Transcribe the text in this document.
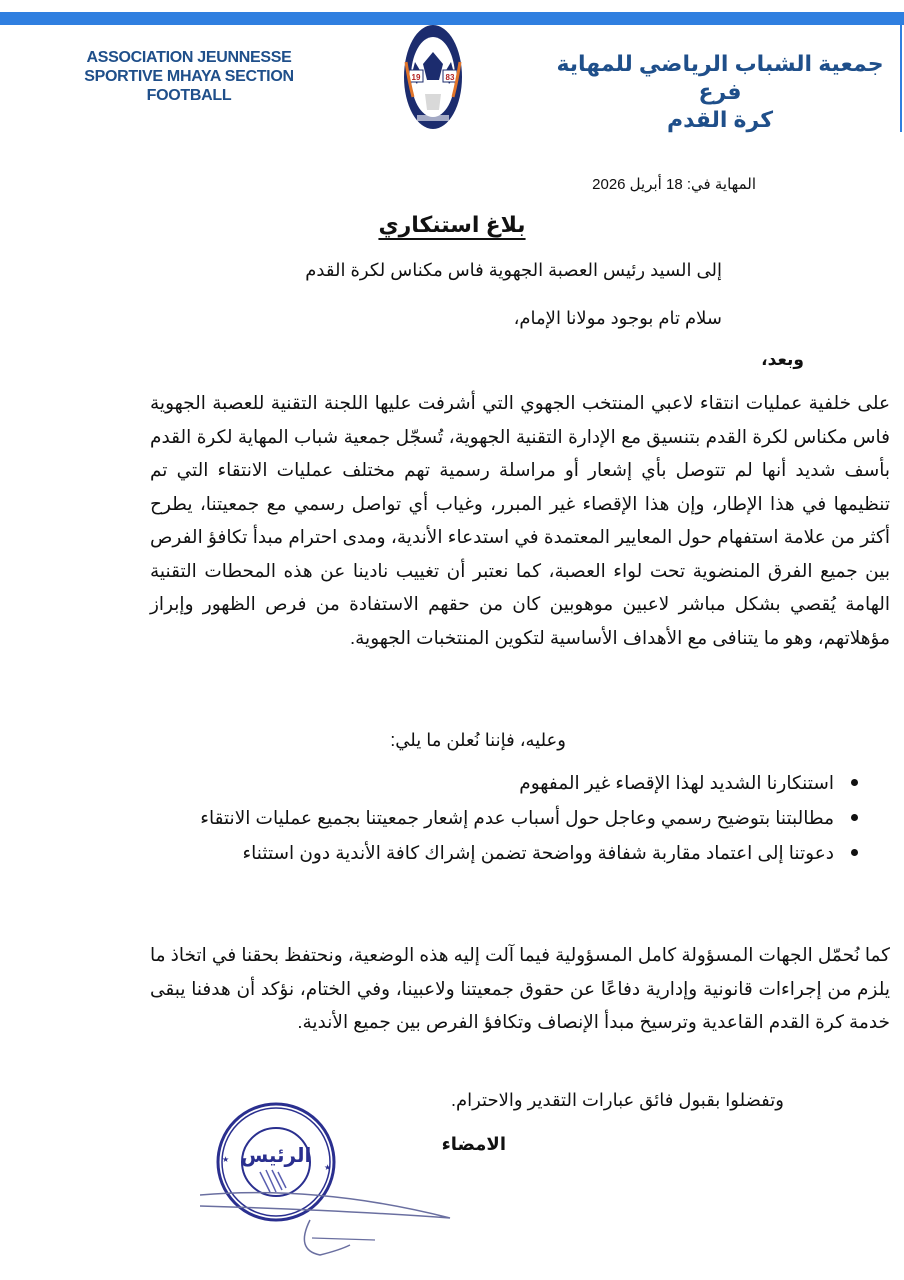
ASSOCIATION JEUNNESSE
SPORTIVE MHAYA SECTION
FOOTBALL
19	83
جمعية الشباب الرياضي للمهاية فرع
كرة القدم
المهاية في: 18 أبريل 2026
بلاغ استنكاري
إلى السيد رئيس العصبة الجهوية فاس مكناس لكرة القدم
سلام تام بوجود مولانا الإمام،
وبعد،

على خلفية عمليات انتقاء لاعبي المنتخب الجهوي التي أشرفت عليها اللجنة التقنية للعصبة الجهوية فاس مكناس لكرة القدم بتنسيق مع الإدارة التقنية الجهوية، تُسجّل جمعية شباب المهاية لكرة القدم بأسف شديد أنها لم تتوصل بأي إشعار أو مراسلة رسمية تهم مختلف عمليات الانتقاء التي تم تنظيمها في هذا الإطار، وإن هذا الإقصاء غير المبرر، وغياب أي تواصل رسمي مع جمعيتنا، يطرح أكثر من علامة استفهام حول المعايير المعتمدة في استدعاء الأندية، ومدى احترام مبدأ تكافؤ الفرص بين جميع الفرق المنضوية تحت لواء العصبة، كما نعتبر أن تغييب نادينا عن هذه المحطات التقنية الهامة يُقصي بشكل مباشر لاعبين موهوبين كان من حقهم الاستفادة من فرص الظهور وإبراز مؤهلاتهم، وهو ما يتنافى مع الأهداف الأساسية لتكوين المنتخبات الجهوية.

وعليه، فإننا نُعلن ما يلي:
استنكارنا الشديد لهذا الإقصاء غير المفهوم
مطالبتنا بتوضيح رسمي وعاجل حول أسباب عدم إشعار جمعيتنا بجميع عمليات الانتقاء
دعوتنا إلى اعتماد مقاربة شفافة وواضحة تضمن إشراك كافة الأندية دون استثناء

كما نُحمّل الجهات المسؤولة كامل المسؤولية فيما آلت إليه هذه الوضعية، ونحتفظ بحقنا في اتخاذ ما يلزم من إجراءات قانونية وإدارية دفاعًا عن حقوق جمعيتنا ولاعبينا، وفي الختام، نؤكد أن هدفنا يبقى خدمة كرة القدم القاعدية وترسيخ مبدأ الإنصاف وتكافؤ الفرص بين جميع الأندية.

وتفضلوا بقبول فائق عبارات التقدير والاحترام.
الامضاء
الرئيس
★
★
